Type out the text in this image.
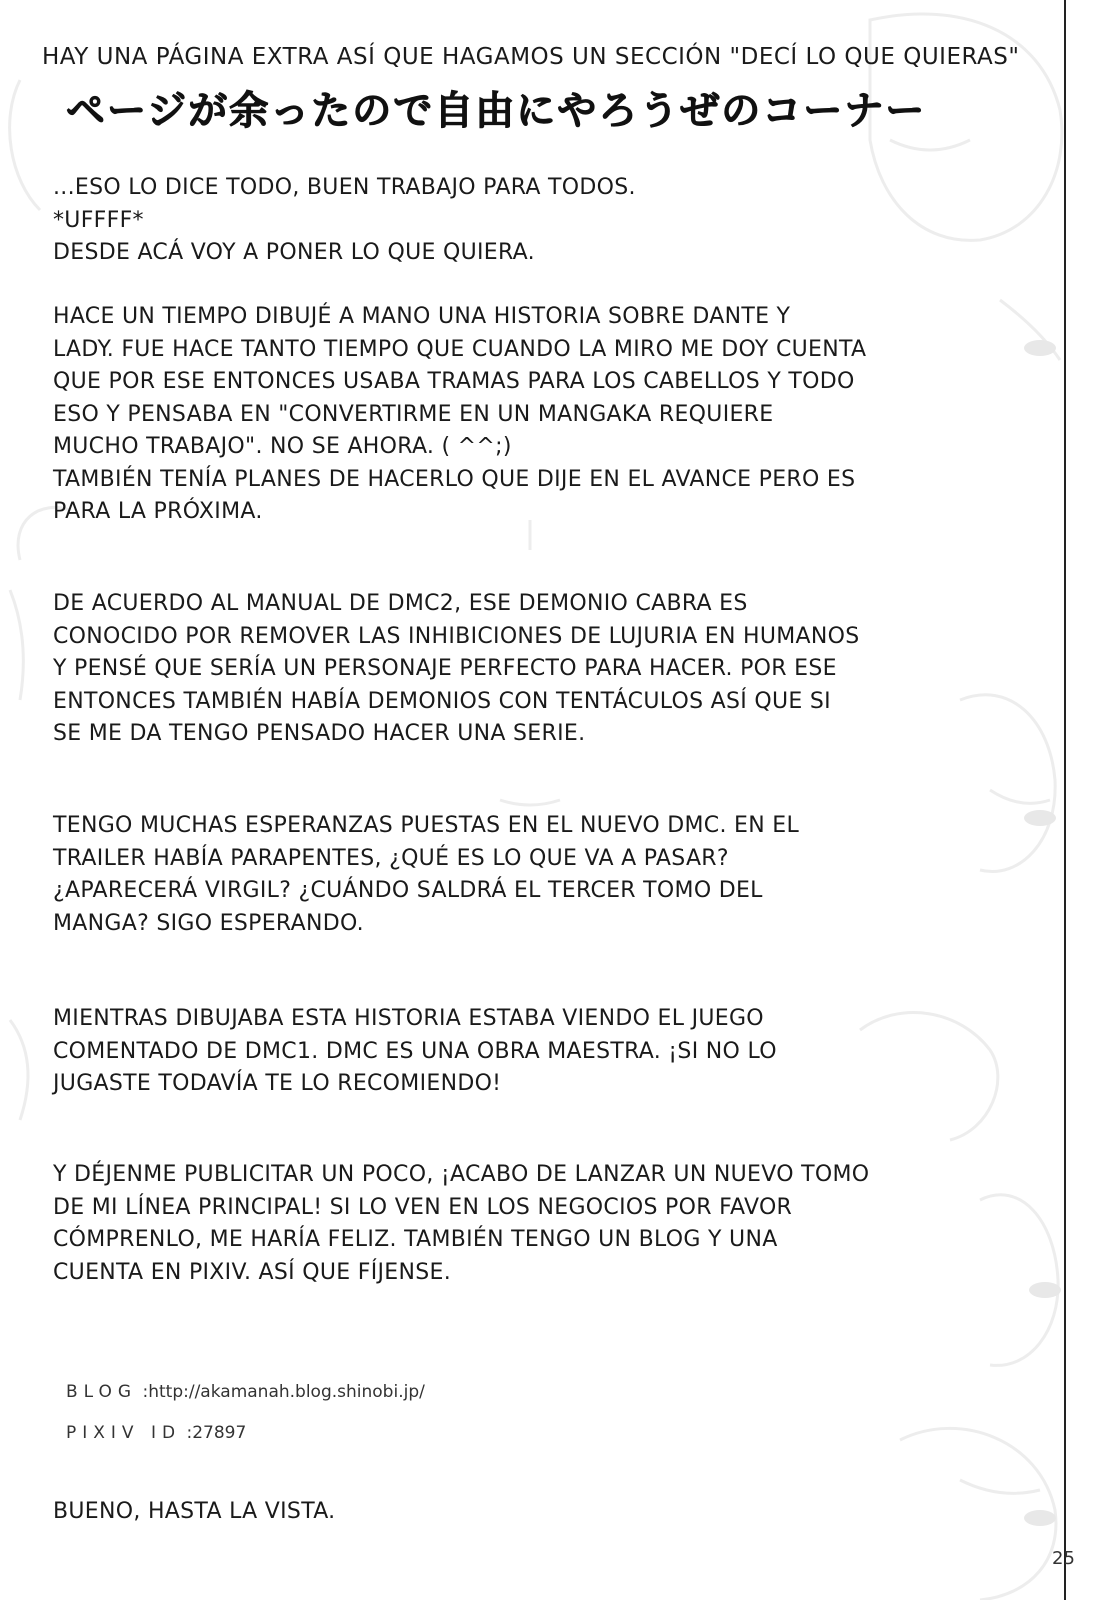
HAY UNA PÁGINA EXTRA ASÍ QUE HAGAMOS UN SECCIÓN "DECÍ LO QUE QUIERAS"
ページが余ったので自由にやろうぜのコーナー
...ESO LO DICE TODO, BUEN TRABAJO PARA TODOS.
*UFFFF*
DESDE ACÁ VOY A PONER LO QUE QUIERA.
HACE UN TIEMPO DIBUJÉ A MANO UNA HISTORIA SOBRE DANTE Y
LADY. FUE HACE TANTO TIEMPO QUE CUANDO LA MIRO ME DOY CUENTA
QUE POR ESE ENTONCES USABA TRAMAS PARA LOS CABELLOS Y TODO
ESO Y PENSABA EN "CONVERTIRME EN UN MANGAKA REQUIERE
MUCHO TRABAJO". NO SE AHORA. ( ^^;)
TAMBIÉN TENÍA PLANES DE HACERLO QUE DIJE EN EL AVANCE PERO ES
PARA LA PRÓXIMA.
DE ACUERDO AL MANUAL DE DMC2, ESE DEMONIO CABRA ES
CONOCIDO POR REMOVER LAS INHIBICIONES DE LUJURIA EN HUMANOS
Y PENSÉ QUE SERÍA UN PERSONAJE PERFECTO PARA HACER. POR ESE
ENTONCES TAMBIÉN HABÍA DEMONIOS CON TENTÁCULOS ASÍ QUE SI
SE ME DA TENGO PENSADO HACER UNA SERIE.
TENGO MUCHAS ESPERANZAS PUESTAS EN EL NUEVO DMC. EN EL
TRAILER HABÍA PARAPENTES, ¿QUÉ ES LO QUE VA A PASAR?
¿APARECERÁ VIRGIL? ¿CUÁNDO SALDRÁ EL TERCER TOMO DEL
MANGA? SIGO ESPERANDO.
MIENTRAS DIBUJABA ESTA HISTORIA ESTABA VIENDO EL JUEGO
COMENTADO DE DMC1. DMC ES UNA OBRA MAESTRA. ¡SI NO LO
JUGASTE TODAVÍA TE LO RECOMIENDO!
Y DÉJENME PUBLICITAR UN POCO, ¡ACABO DE LANZAR UN NUEVO TOMO
DE MI LÍNEA PRINCIPAL! SI LO VEN EN LOS NEGOCIOS POR FAVOR
CÓMPRENLO, ME HARÍA FELIZ. TAMBIÉN TENGO UN BLOG Y UNA
CUENTA EN PIXIV. ASÍ QUE FÍJENSE.
BLOG :http://akamanah.blog.shinobi.jp/
PIXIV ID :27897
BUENO, HASTA LA VISTA.
25
